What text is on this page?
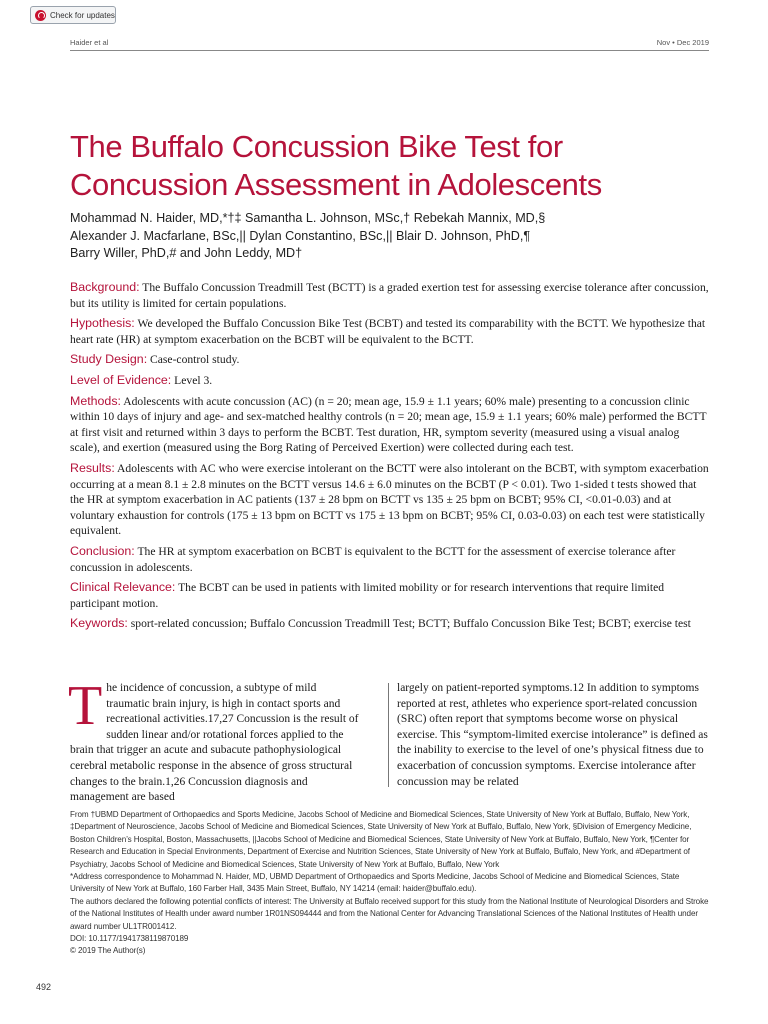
Check for updates
Haider et al	Nov • Dec 2019
The Buffalo Concussion Bike Test for Concussion Assessment in Adolescents
Mohammad N. Haider, MD,*†‡ Samantha L. Johnson, MSc,† Rebekah Mannix, MD,§
Alexander J. Macfarlane, BSc,|| Dylan Constantino, BSc,|| Blair D. Johnson, PhD,¶
Barry Willer, PhD,# and John Leddy, MD†

Background: The Buffalo Concussion Treadmill Test (BCTT) is a graded exertion test for assessing exercise tolerance after concussion, but its utility is limited for certain populations.

Hypothesis: We developed the Buffalo Concussion Bike Test (BCBT) and tested its comparability with the BCTT. We hypothesize that heart rate (HR) at symptom exacerbation on the BCBT will be equivalent to the BCTT.

Study Design: Case-control study.

Level of Evidence: Level 3.

Methods: Adolescents with acute concussion (AC) (n = 20; mean age, 15.9 ± 1.1 years; 60% male) presenting to a concussion clinic within 10 days of injury and age- and sex-matched healthy controls (n = 20; mean age, 15.9 ± 1.1 years; 60% male) performed the BCTT at first visit and returned within 3 days to perform the BCBT. Test duration, HR, symptom severity (measured using a visual analog scale), and exertion (measured using the Borg Rating of Perceived Exertion) were collected during each test.

Results: Adolescents with AC who were exercise intolerant on the BCTT were also intolerant on the BCBT, with symptom exacerbation occurring at a mean 8.1 ± 2.8 minutes on the BCTT versus 14.6 ± 6.0 minutes on the BCBT (P < 0.01). Two 1-sided t tests showed that the HR at symptom exacerbation in AC patients (137 ± 28 bpm on BCTT vs 135 ± 25 bpm on BCBT; 95% CI, <0.01-0.03) and at voluntary exhaustion for controls (175 ± 13 bpm on BCTT vs 175 ± 13 bpm on BCBT; 95% CI, 0.03-0.03) on each test were statistically equivalent.

Conclusion: The HR at symptom exacerbation on BCBT is equivalent to the BCTT for the assessment of exercise tolerance after concussion in adolescents.

Clinical Relevance: The BCBT can be used in patients with limited mobility or for research interventions that require limited participant motion.

Keywords: sport-related concussion; Buffalo Concussion Treadmill Test; BCTT; Buffalo Concussion Bike Test; BCBT; exercise test

The incidence of concussion, a subtype of mild traumatic brain injury, is high in contact sports and recreational activities.17,27 Concussion is the result of sudden linear and/or rotational forces applied to the brain that trigger an acute and subacute pathophysiological cerebral metabolic response in the absence of gross structural changes to the brain.1,26 Concussion diagnosis and management are based
largely on patient-reported symptoms.12 In addition to symptoms reported at rest, athletes who experience sport-related concussion (SRC) often report that symptoms become worse on physical exercise. This “symptom-limited exercise intolerance” is defined as the inability to exercise to the level of one’s physical fitness due to exacerbation of concussion symptoms. Exercise intolerance after concussion may be related

From †UBMD Department of Orthopaedics and Sports Medicine, Jacobs School of Medicine and Biomedical Sciences, State University of New York at Buffalo, Buffalo, New York, ‡Department of Neuroscience, Jacobs School of Medicine and Biomedical Sciences, State University of New York at Buffalo, Buffalo, New York, §Division of Emergency Medicine, Boston Children’s Hospital, Boston, Massachusetts, ||Jacobs School of Medicine and Biomedical Sciences, State University of New York at Buffalo, Buffalo, New York, ¶Center for Research and Education in Special Environments, Department of Exercise and Nutrition Sciences, State University of New York at Buffalo, Buffalo, New York, and #Department of Psychiatry, Jacobs School of Medicine and Biomedical Sciences, State University of New York at Buffalo, Buffalo, New York

*Address correspondence to Mohammad N. Haider, MD, UBMD Department of Orthopaedics and Sports Medicine, Jacobs School of Medicine and Biomedical Sciences, State University of New York at Buffalo, 160 Farber Hall, 3435 Main Street, Buffalo, NY 14214 (email: haider@buffalo.edu).

The authors declared the following potential conflicts of interest: The University at Buffalo received support for this study from the National Institute of Neurological Disorders and Stroke of the National Institutes of Health under award number 1R01NS094444 and from the National Center for Advancing Translational Sciences of the National Institutes of Health under award number UL1TR001412.

DOI: 10.1177/1941738119870189

© 2019 The Author(s)

492
